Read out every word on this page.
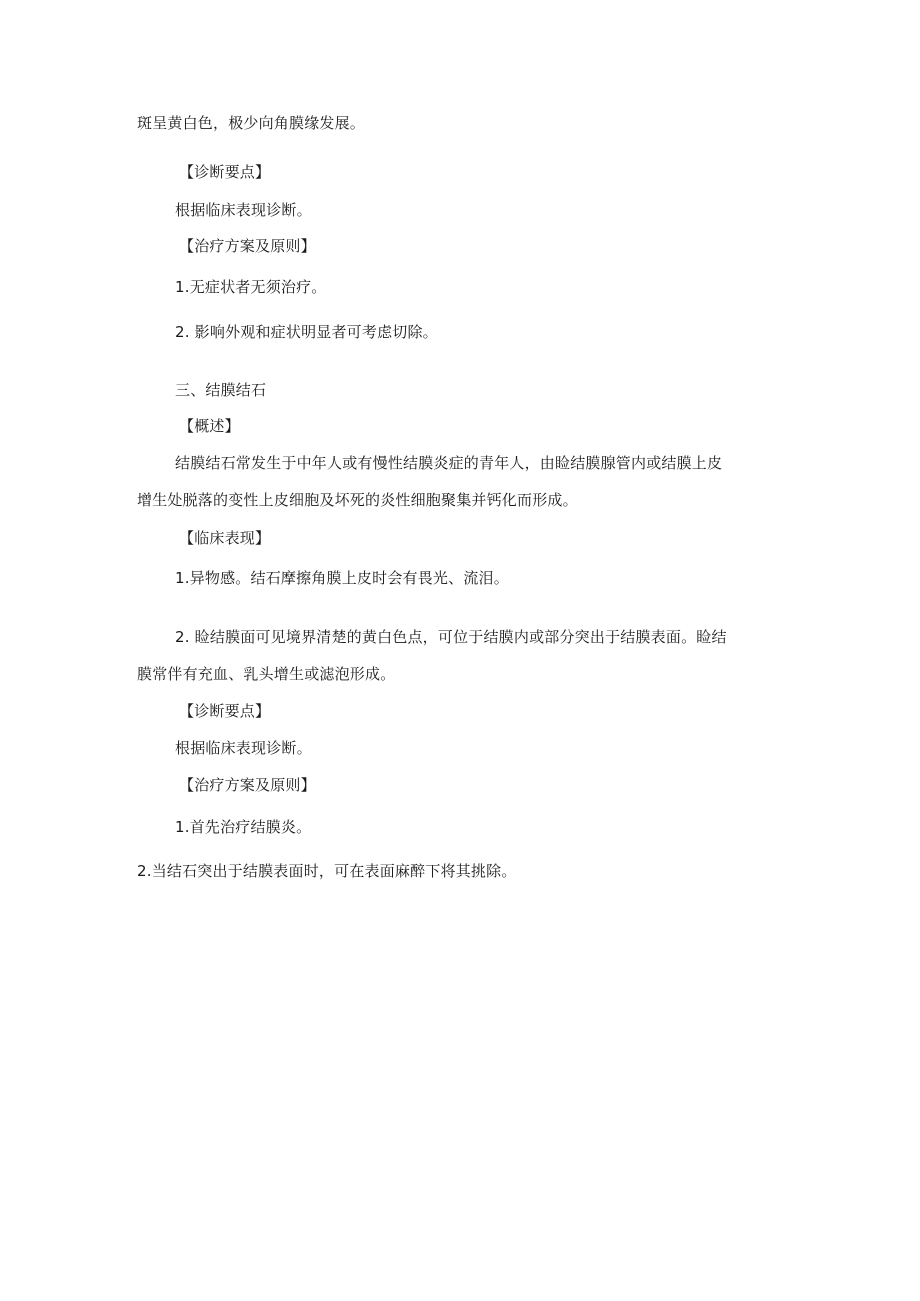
斑呈黄白色，极少向角膜缘发展。
【诊断要点】
根据临床表现诊断。
【治疗方案及原则】
1.无症状者无须治疗。
2. 影响外观和症状明显者可考虑切除。
三、结膜结石
【概述】
结膜结石常发生于中年人或有慢性结膜炎症的青年人，由睑结膜腺管内或结膜上皮
增生处脱落的变性上皮细胞及坏死的炎性细胞聚集并钙化而形成。
【临床表现】
1.异物感。结石摩擦角膜上皮时会有畏光、流泪。
2. 睑结膜面可见境界清楚的黄白色点，可位于结膜内或部分突出于结膜表面。睑结
膜常伴有充血、乳头增生或滤泡形成。
【诊断要点】
根据临床表现诊断。
【治疗方案及原则】
1.首先治疗结膜炎。
2.当结石突出于结膜表面时，可在表面麻醉下将其挑除。
